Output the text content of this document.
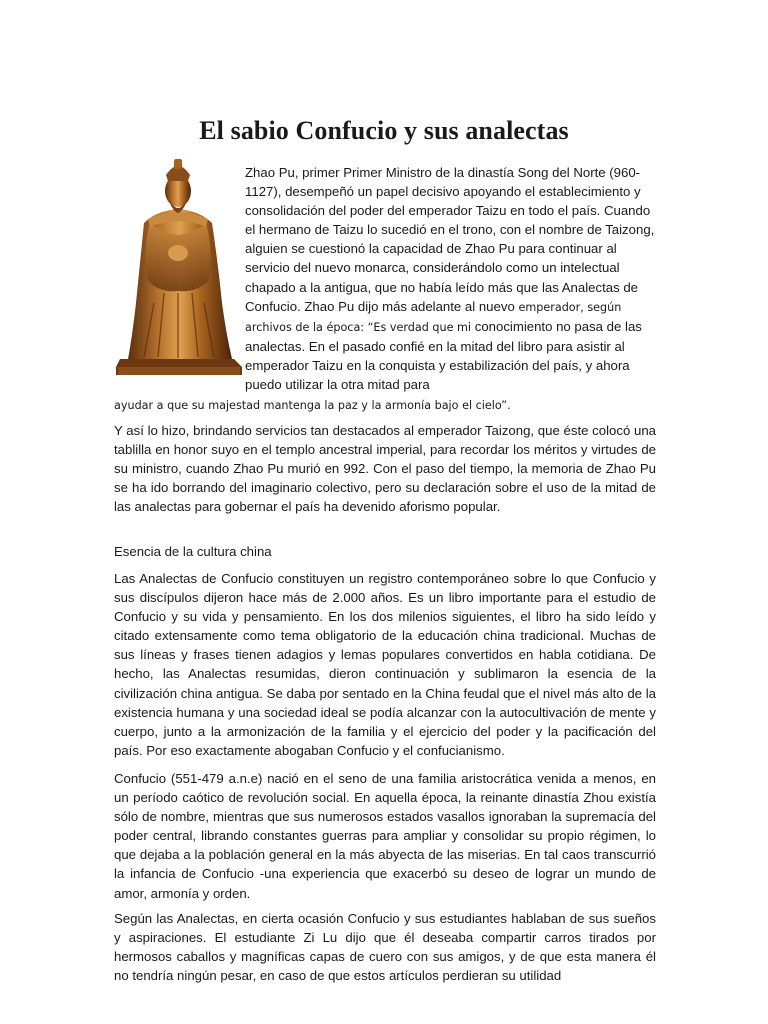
El sabio Confucio y sus analectas

Zhao Pu, primer Primer Ministro de la dinastía Song del Norte (960-1127), desempeñó un papel decisivo apoyando el establecimiento y consolidación del poder del emperador Taizu en todo el país. Cuando el hermano de Taizu lo sucedió en el trono, con el nombre de Taizong, alguien se cuestionó la capacidad de Zhao Pu para continuar al servicio del nuevo monarca, considerándolo como un intelectual chapado a la antigua, que no había leído más que las Analectas de Confucio. Zhao Pu dijo más adelante al nuevo emperador, según archivos de la época: “Es verdad que mi conocimiento no pasa de las analectas. En el pasado confié en la mitad del libro para asistir al emperador Taizu en la conquista y estabilización del país, y ahora puedo utilizar la otra mitad para

ayudar a que su majestad mantenga la paz y la armonía bajo el cielo”.

Y así lo hizo, brindando servicios tan destacados al emperador Taizong, que éste colocó una tablilla en honor suyo en el templo ancestral imperial, para recordar los méritos y virtudes de su ministro, cuando Zhao Pu murió en 992. Con el paso del tiempo, la memoria de Zhao Pu se ha ido borrando del imaginario colectivo, pero su declaración sobre el uso de la mitad de las analectas para gobernar el país ha devenido aforismo popular.

Esencia de la cultura china

Las Analectas de Confucio constituyen un registro contemporáneo sobre lo que Confucio y sus discípulos dijeron hace más de 2.000 años. Es un libro importante para el estudio de Confucio y su vida y pensamiento. En los dos milenios siguientes, el libro ha sido leído y citado extensamente como tema obligatorio de la educación china tradicional. Muchas de sus líneas y frases tienen adagios y lemas populares convertidos en habla cotidiana. De hecho, las Analectas resumidas, dieron continuación y sublimaron la esencia de la civilización china antigua. Se daba por sentado en la China feudal que el nivel más alto de la existencia humana y una sociedad ideal se podía alcanzar con la autocultivación de mente y cuerpo, junto a la armonización de la familia y el ejercicio del poder y la pacificación del país. Por eso exactamente abogaban Confucio y el confucianismo.

Confucio (551-479 a.n.e) nació en el seno de una familia aristocrática venida a menos, en un período caótico de revolución social. En aquella época, la reinante dinastía Zhou existía sólo de nombre, mientras que sus numerosos estados vasallos ignoraban la supremacía del poder central, librando constantes guerras para ampliar y consolidar su propio régimen, lo que dejaba a la población general en la más abyecta de las miserias. En tal caos transcurrió la infancia de Confucio -una experiencia que exacerbó su deseo de lograr un mundo de amor, armonía y orden.

Según las Analectas, en cierta ocasión Confucio y sus estudiantes hablaban de sus sueños y aspiraciones. El estudiante Zi Lu dijo que él deseaba compartir carros tirados por hermosos caballos y magníficas capas de cuero con sus amigos, y de que esta manera él no tendría ningún pesar, en caso de que estos artículos perdieran su utilidad
